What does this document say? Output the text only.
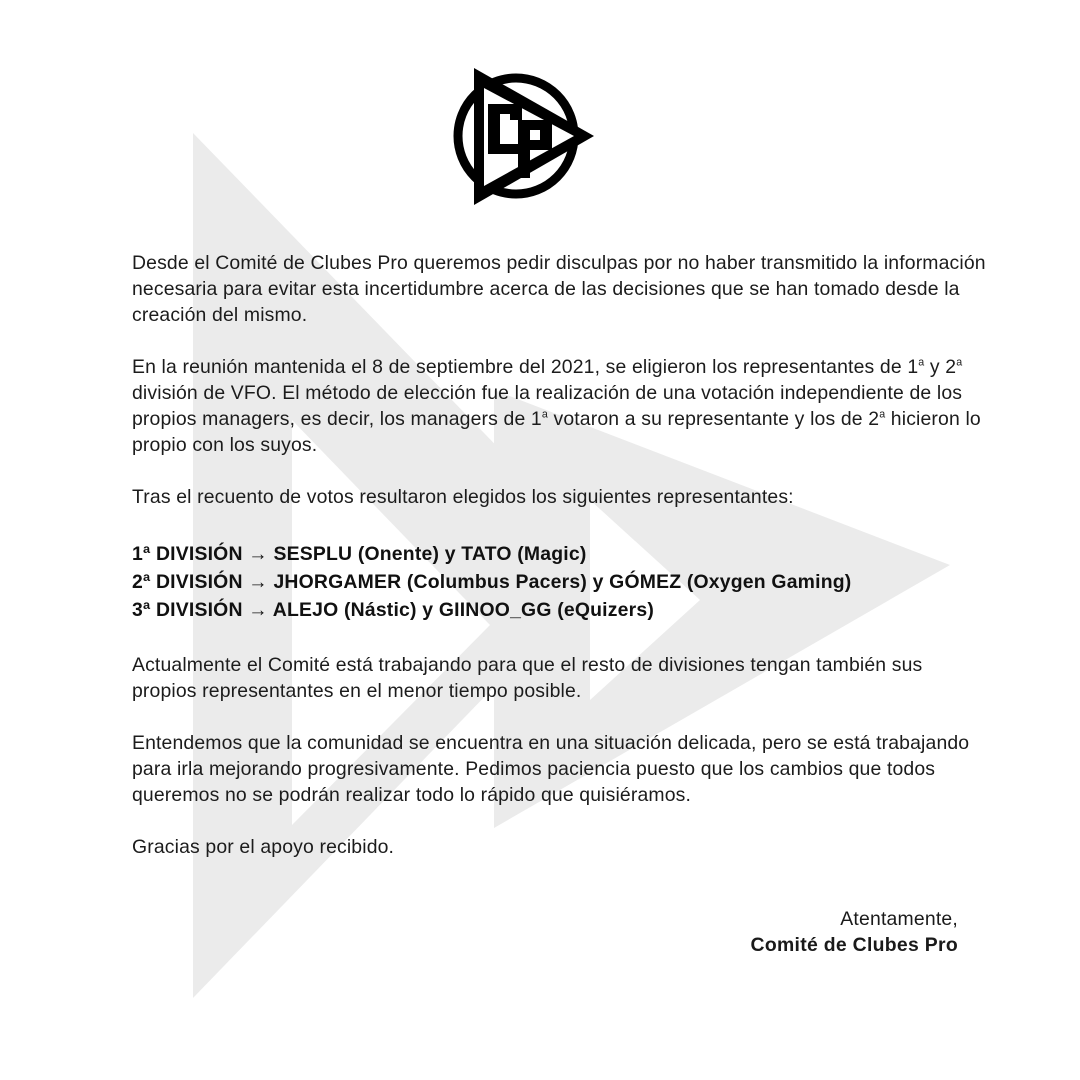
Desde el Comité de Clubes Pro queremos pedir disculpas por no haber transmitido la información necesaria para evitar esta incertidumbre acerca de las decisiones que se han tomado desde la creación del mismo.

En la reunión mantenida el 8 de septiembre del 2021, se eligieron los representantes de 1$^a$ y 2$^a$ división de VFO. El método de elección fue la realización de una votación independiente de los propios managers, es decir, los managers de 1$^a$ votaron a su representante y los de 2$^a$ hicieron lo propio con los suyos.

Tras el recuento de votos resultaron elegidos los siguientes representantes:

1ª DIVISIÓN → SESPLU (Onente) y TATO (Magic)
2ª DIVISIÓN → JHORGAMER (Columbus Pacers) y GÓMEZ (Oxygen Gaming)
3ª DIVISIÓN → ALEJO (Nástic) y GIINOO_GG (eQuizers)

Actualmente el Comité está trabajando para que el resto de divisiones tengan también sus propios representantes en el menor tiempo posible.

Entendemos que la comunidad se encuentra en una situación delicada, pero se está trabajando para irla mejorando progresivamente. Pedimos paciencia puesto que los cambios que todos queremos no se podrán realizar todo lo rápido que quisiéramos.

Gracias por el apoyo recibido.

Atentamente,
Comité de Clubes Pro
